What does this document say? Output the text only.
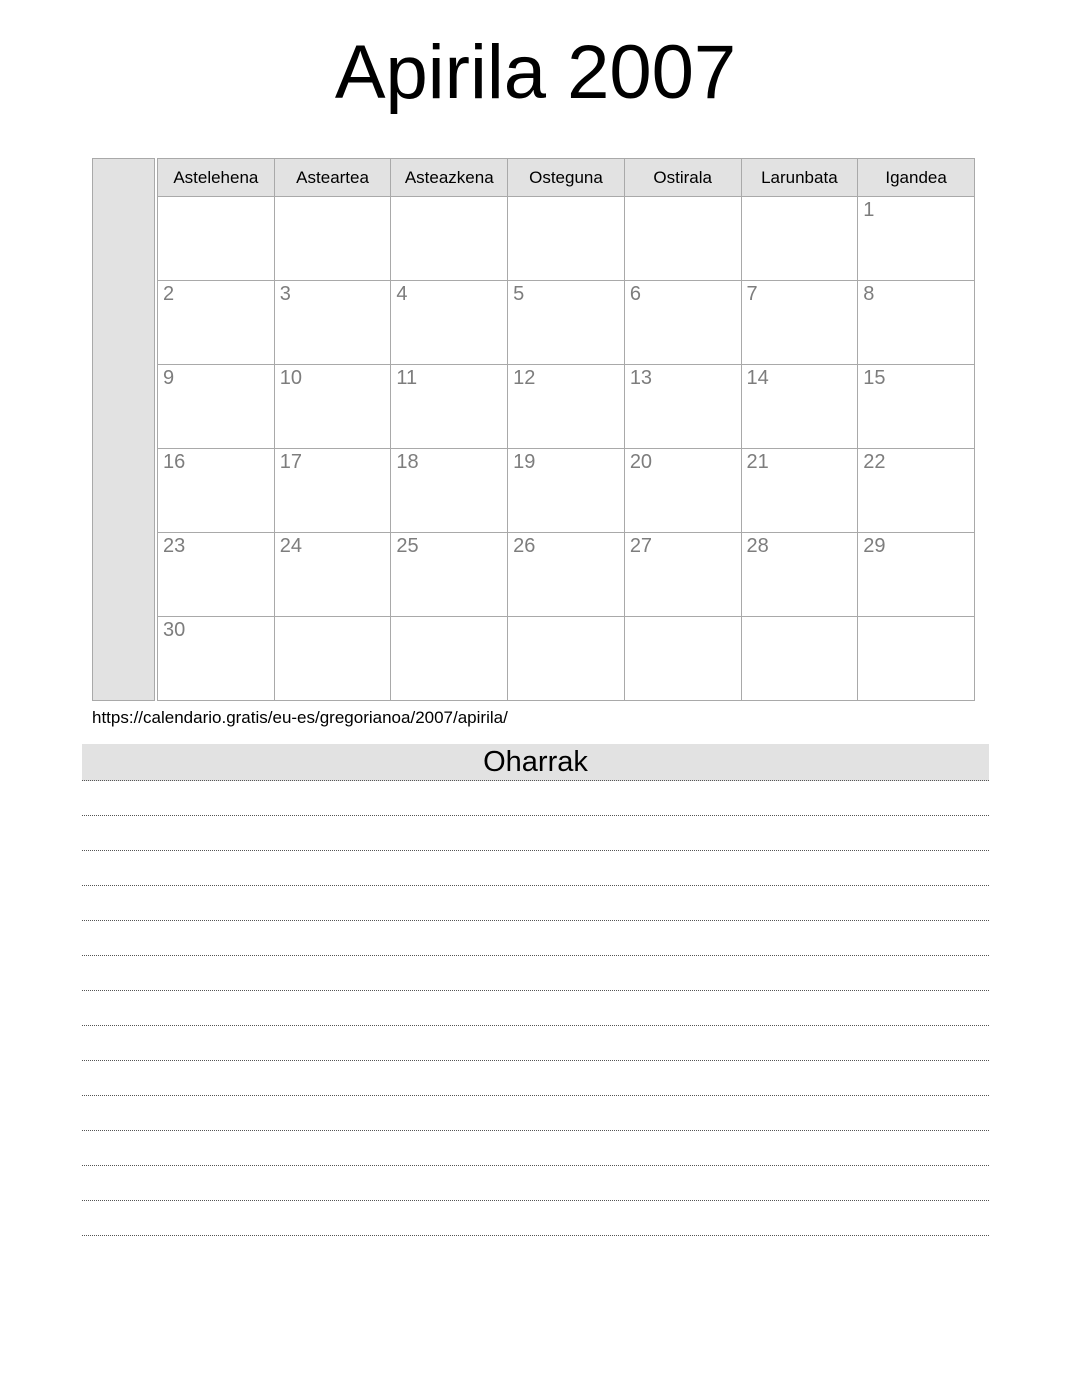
Apirila 2007
Astelehena	Asteartea	Asteazkena	Osteguna	Ostirala	Larunbata	Igandea
						1
2	3	4	5	6	7	8
9	10	11	12	13	14	15
16	17	18	19	20	21	22
23	24	25	26	27	28	29
30						
https://calendario.gratis/eu-es/gregorianoa/2007/apirila/
Oharrak
